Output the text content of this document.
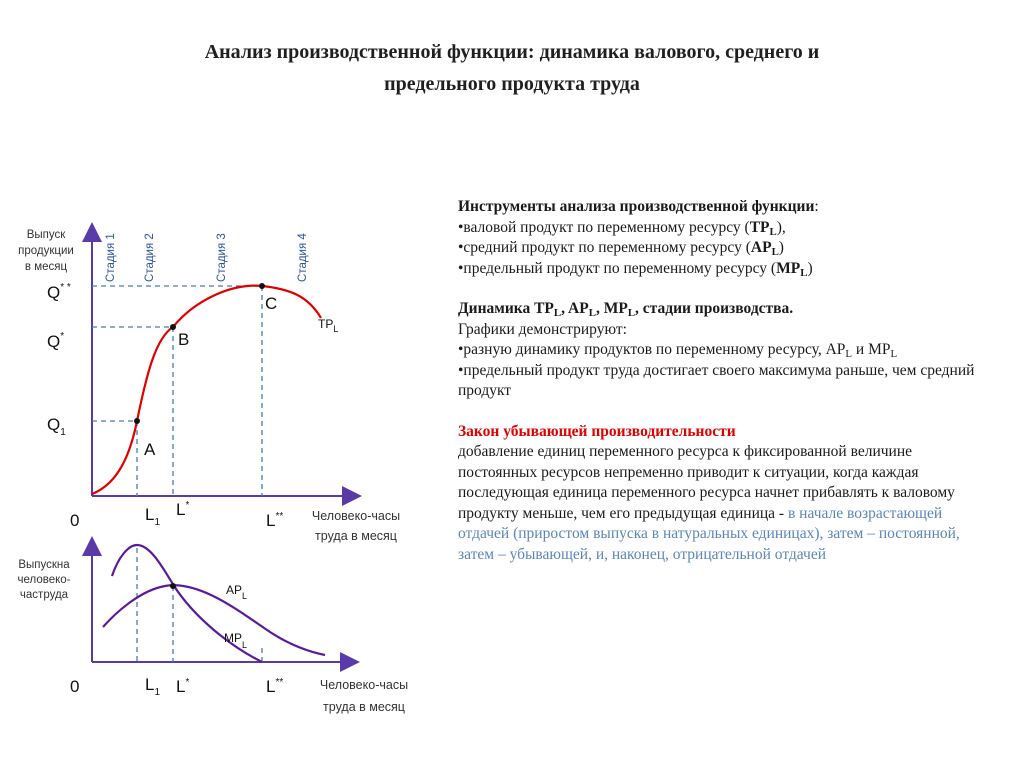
Анализ производственной функции: динамика валового, среднего и
предельного продукта труда
Выпуск
продукции
в месяц	Стадия 1 Стадия 2	Стадия 3	Стадия 4
A
B
C
$TP_L$
Q* *
Q*
$Q_1$
0	$L_1$
L*
L** Человеко-часы
труда в месяц
Выпускна
человеко-
частруда	$AP_L$
$MP_L$
0	$L_1$ L*	L**	Человеко-часы
труда в месяц

Инструменты анализа производственной функции:

•валовой продукт по переменному ресурсу $(TP_L)$,

•средний продукт по переменному ресурсу $(AP_L)$

•предельный продукт по переменному ресурсу $(MP_L)$

Динамика $TP_L$, $AP_L$, $MP_L$, стадии производства.

Графики демонстрируют:

•разную динамику продуктов по переменному ресурсу, $AP_L$ и $MP_L$

•предельный продукт труда достигает своего максимума раньше, чем средний продукт

Закон убывающей производительности

добавление единиц переменного ресурса к фиксированной величине постоянных ресурсов непременно приводит к ситуации, когда каждая последующая единица переменного ресурса начнет прибавлять к валовому продукту меньше, чем его предыдущая единица - в начале возрастающей отдачей (приростом выпуска в натуральных единицах), затем – постоянной, затем – убывающей, и, наконец, отрицательной отдачей
